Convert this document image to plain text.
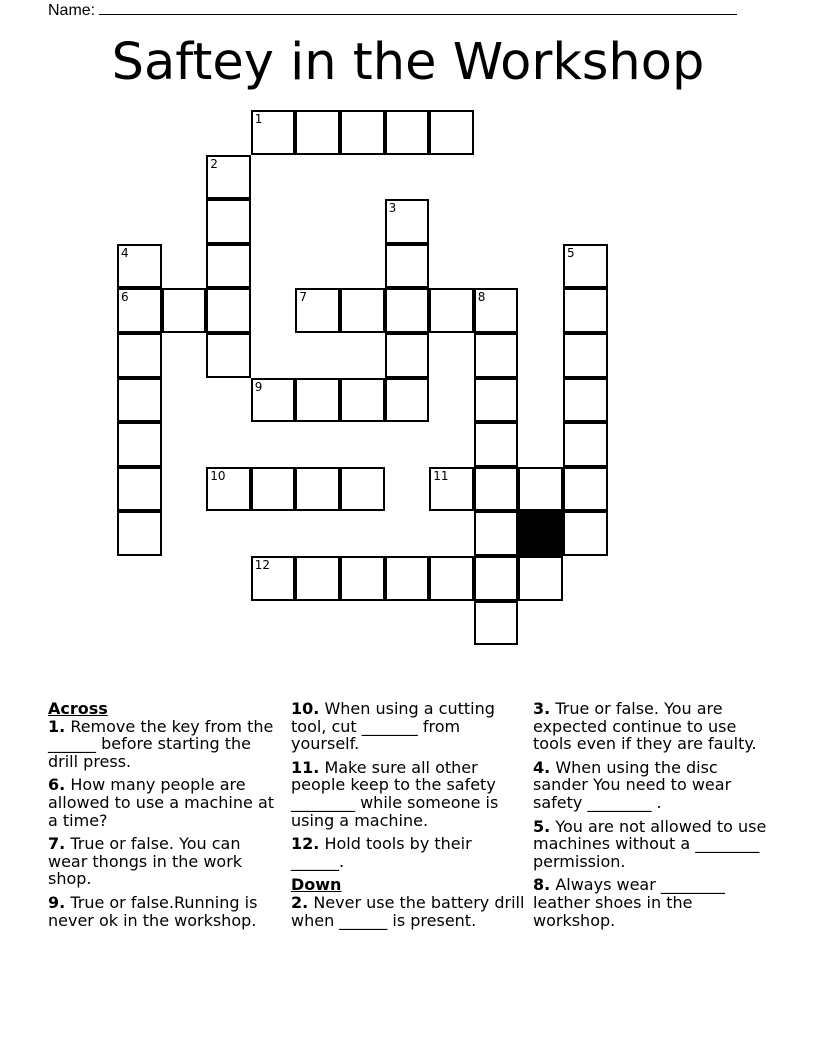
Name:
Saftey in the Workshop
1
2
3
4	5
6	7	8
9
10	11
12
Across
1. Remove the key from the ______ before starting the drill press.
6. How many people are allowed to use a machine at a time?
7. True or false. You can wear thongs in the work shop.
9. True or false.Running is never ok in the workshop.
10. When using a cutting tool, cut _______ from yourself.
11. Make sure all other people keep to the safety ________ while someone is using a machine.
12. Hold tools by their ______.
Down
2. Never use the battery drill when ______ is present.
3. True or false. You are expected continue to use tools even if they are faulty.
4. When using the disc sander You need to wear safety ________ .
5. You are not allowed to use machines without a ________ permission.
8. Always wear ________ leather shoes in the workshop.
